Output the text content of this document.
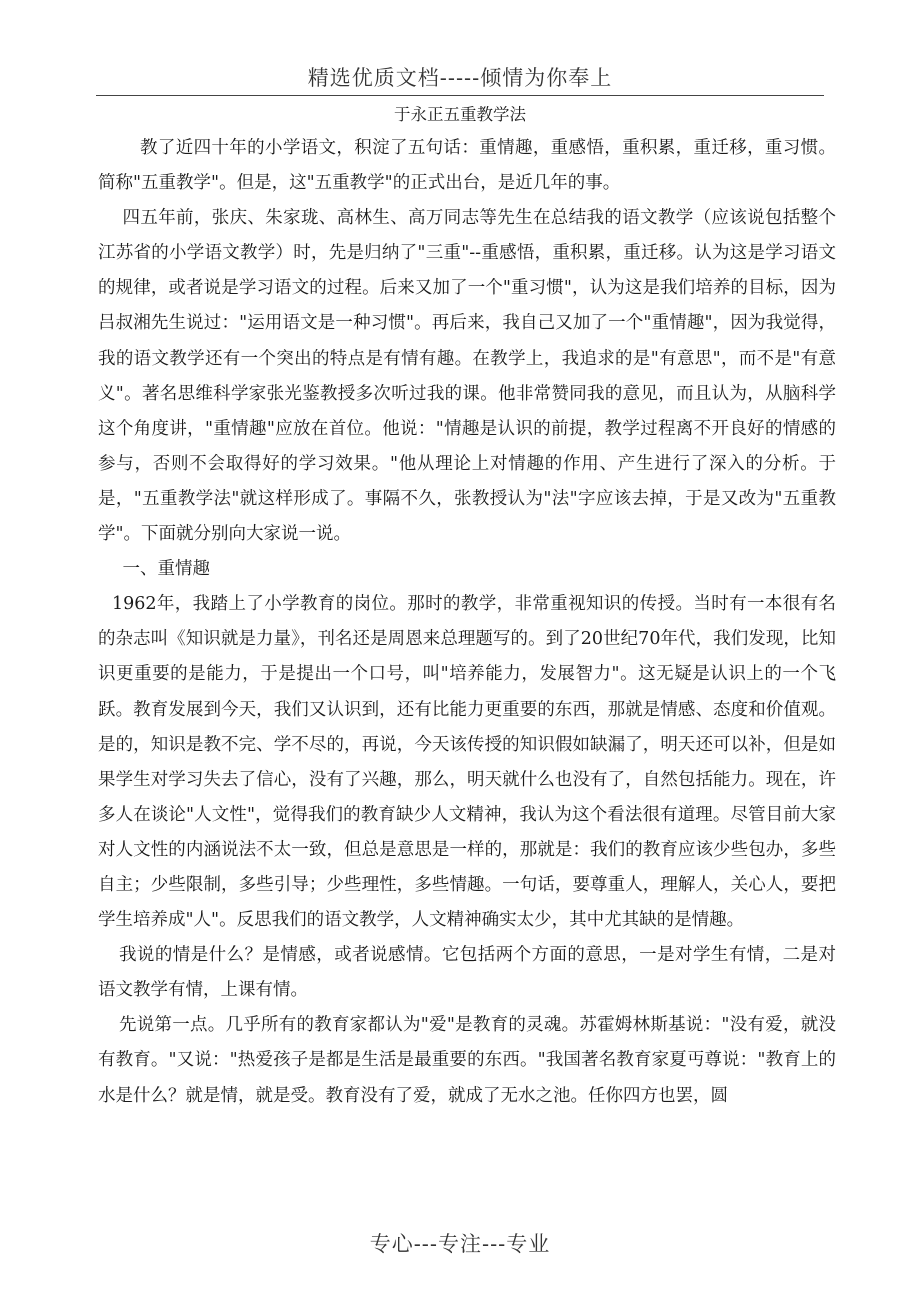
精选优质文档-----倾情为你奉上
于永正五重教学法

教了近四十年的小学语文，积淀了五句话：重情趣，重感悟，重积累，重迁移，重习惯。简称"五重教学"。但是，这"五重教学"的正式出台，是近几年的事。

四五年前，张庆、朱家珑、高林生、高万同志等先生在总结我的语文教学（应该说包括整个江苏省的小学语文教学）时，先是归纳了"三重"--重感悟，重积累，重迁移。认为这是学习语文的规律，或者说是学习语文的过程。后来又加了一个"重习惯"，认为这是我们培养的目标，因为吕叔湘先生说过："运用语文是一种习惯"。再后来，我自己又加了一个"重情趣"，因为我觉得，我的语文教学还有一个突出的特点是有情有趣。在教学上，我追求的是"有意思"，而不是"有意义"。著名思维科学家张光鉴教授多次听过我的课。他非常赞同我的意见，而且认为，从脑科学这个角度讲，"重情趣"应放在首位。他说："情趣是认识的前提，教学过程离不开良好的情感的参与，否则不会取得好的学习效果。"他从理论上对情趣的作用、产生进行了深入的分析。于是，"五重教学法"就这样形成了。事隔不久，张教授认为"法"字应该去掉，于是又改为"五重教学"。下面就分别向大家说一说。

一、重情趣

1962年，我踏上了小学教育的岗位。那时的教学，非常重视知识的传授。当时有一本很有名的杂志叫《知识就是力量》，刊名还是周恩来总理题写的。到了20世纪70年代，我们发现，比知识更重要的是能力，于是提出一个口号，叫"培养能力，发展智力"。这无疑是认识上的一个飞跃。教育发展到今天，我们又认识到，还有比能力更重要的东西，那就是情感、态度和价值观。是的，知识是教不完、学不尽的，再说，今天该传授的知识假如缺漏了，明天还可以补，但是如果学生对学习失去了信心，没有了兴趣，那么，明天就什么也没有了，自然包括能力。现在，许多人在谈论"人文性"，觉得我们的教育缺少人文精神，我认为这个看法很有道理。尽管目前大家对人文性的内涵说法不太一致，但总是意思是一样的，那就是：我们的教育应该少些包办，多些自主；少些限制，多些引导；少些理性，多些情趣。一句话，要尊重人，理解人，关心人，要把学生培养成"人"。反思我们的语文教学，人文精神确实太少，其中尤其缺的是情趣。

我说的情是什么？是情感，或者说感情。它包括两个方面的意思，一是对学生有情，二是对语文教学有情，上课有情。

先说第一点。几乎所有的教育家都认为"爱"是教育的灵魂。苏霍姆林斯基说："没有爱，就没有教育。"又说："热爱孩子是都是生活是最重要的东西。"我国著名教育家夏丏尊说："教育上的水是什么？就是情，就是受。教育没有了爱，就成了无水之池。任你四方也罢，圆

专心---专注---专业
